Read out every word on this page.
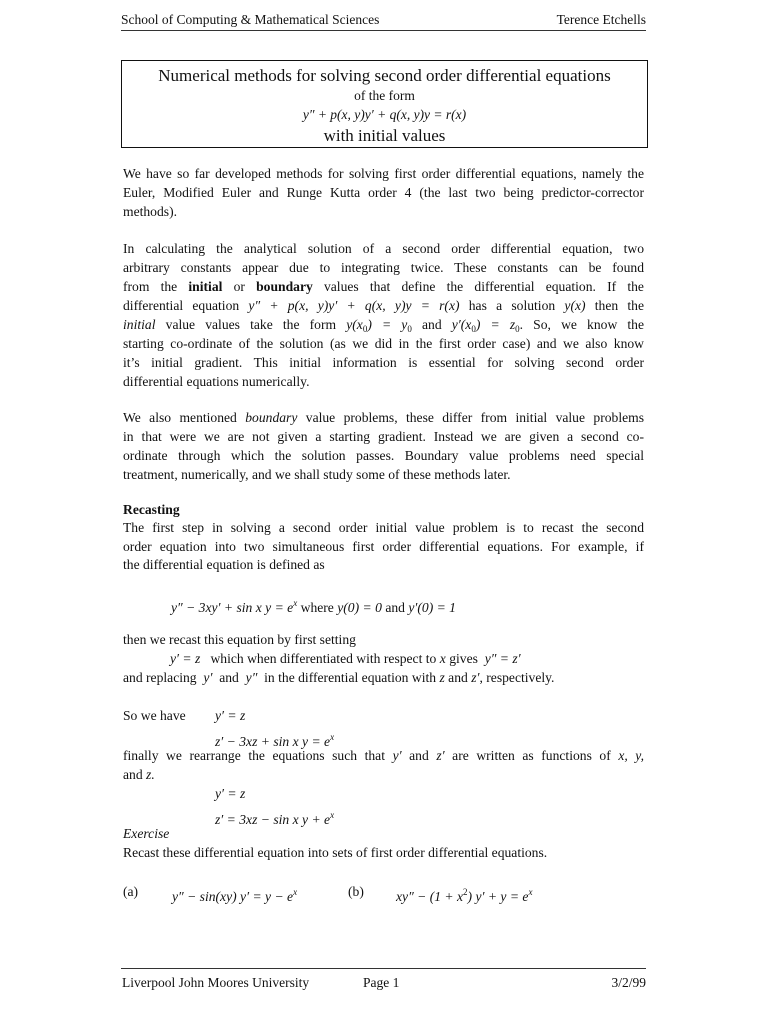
School of Computing & Mathematical Sciences	Terence Etchells
Numerical methods for solving second order differential equations
of the form
y″ + p(x, y)y′ + q(x, y)y = r(x)
with initial values

We have so far developed methods for solving first order differential equations, namely the Euler, Modified Euler and Runge Kutta order 4 (the last two being predictor-corrector methods).

In calculating the analytical solution of a second order differential equation, two
arbitrary constants appear due to integrating twice. These constants can be found
from the initial or boundary values that define the differential equation. If the
differential equation y″ + p(x, y)y′ + q(x, y)y = r(x) has a solution y(x) then the
initial value values take the form $y(x_0) = y_0$ and $y'(x_0) = z_0$. So, we know the
starting co-ordinate of the solution (as we did in the first order case) and we also know
it’s initial gradient. This initial information is essential for solving second order
differential equations numerically.
We also mentioned boundary value problems, these differ from initial value problems
in that were we are not given a starting gradient. Instead we are given a second co-
ordinate through which the solution passes. Boundary value problems need special
treatment, numerically, and we shall study some of these methods later.
Recasting
The first step in solving a second order initial value problem is to recast the second
order equation into two simultaneous first order differential equations. For example, if
the differential equation is defined as
y″ − 3xy′ + sin x $y = e^x$ where y(0) = 0 and y′(0) = 1
then we recast this equation by first setting
y′ = z which when differentiated with respect to x gives y″ = z′
and replacing y′ and y″ in the differential equation with z and z′, respectively.
So we have	y′ = z
z′ − 3xz + sin x $y = e^x$
finally we rearrange the equations such that y′ and z′ are written as functions of x, y,
and z.
y′ = z
z′ = 3xz − sin x $y + e^x$
Exercise
Recast these differential equation into sets of first order differential equations.
(a)	y″ − sin(xy) $y' = y - e^x$	(b)	$xy'' - (1 + x^2)$ $y' + y = e^x$
Liverpool John Moores University	Page 1	3/2/99
